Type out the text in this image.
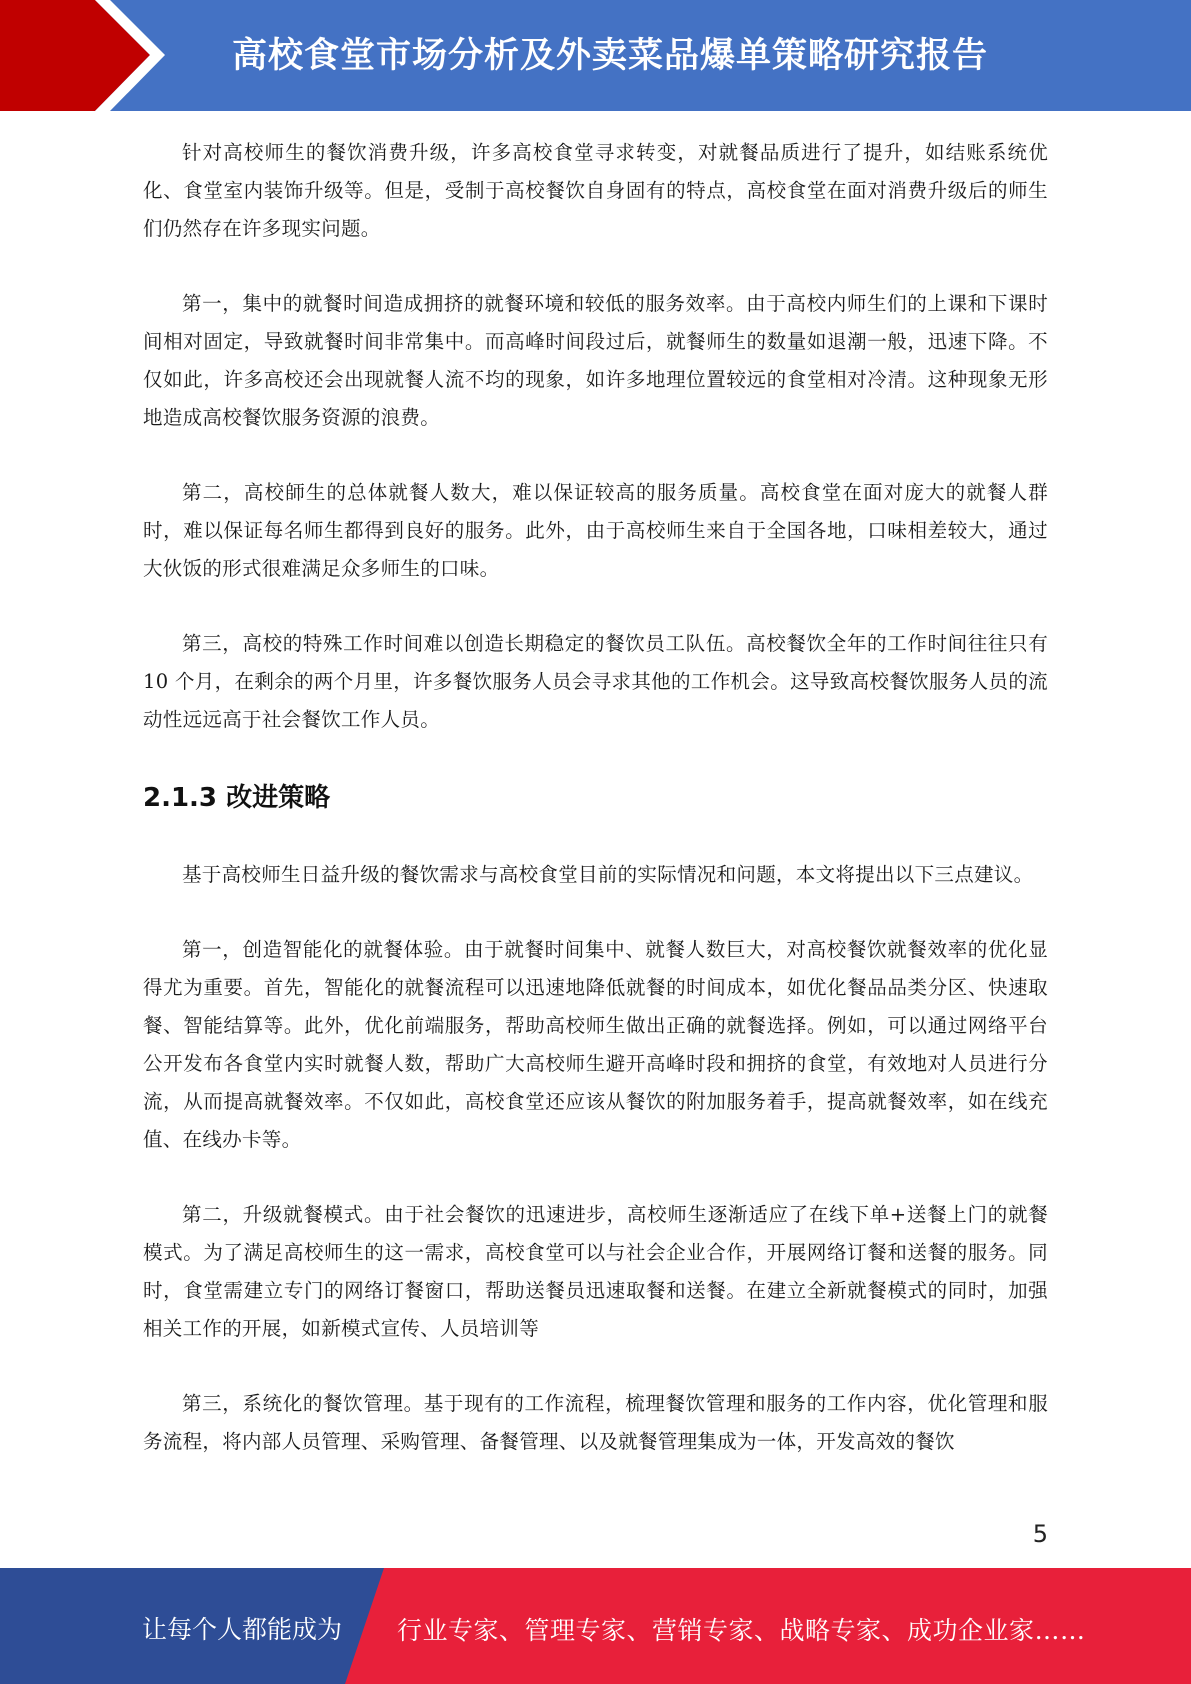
高校食堂市场分析及外卖菜品爆单策略研究报告

针对高校师生的餐饮消费升级，许多高校食堂寻求转变，对就餐品质进行了提升，如结账系统优化、食堂室内装饰升级等。但是，受制于高校餐饮自身固有的特点，高校食堂在面对消费升级后的师生们仍然存在许多现实问题。

第一，集中的就餐时间造成拥挤的就餐环境和较低的服务效率。由于高校内师生们的上课和下课时间相对固定，导致就餐时间非常集中。而高峰时间段过后，就餐师生的数量如退潮一般，迅速下降。不仅如此，许多高校还会出现就餐人流不均的现象，如许多地理位置较远的食堂相对冷清。这种现象无形地造成高校餐饮服务资源的浪费。

第二，高校師生的总体就餐人数大，难以保证较高的服务质量。高校食堂在面对庞大的就餐人群时，难以保证每名师生都得到良好的服务。此外，由于高校师生来自于全国各地，口味相差较大，通过大伙饭的形式很难满足众多师生的口味。

第三，高校的特殊工作时间难以创造长期稳定的餐饮员工队伍。高校餐饮全年的工作时间往往只有 10 个月，在剩余的两个月里，许多餐饮服务人员会寻求其他的工作机会。这导致高校餐饮服务人员的流动性远远高于社会餐饮工作人员。

2.1.3 改进策略

基于高校师生日益升级的餐饮需求与高校食堂目前的实际情况和问题，本文将提出以下三点建议。

第一，创造智能化的就餐体验。由于就餐时间集中、就餐人数巨大，对高校餐饮就餐效率的优化显得尤为重要。首先，智能化的就餐流程可以迅速地降低就餐的时间成本，如优化餐品品类分区、快速取餐、智能结算等。此外，优化前端服务，帮助高校师生做出正确的就餐选择。例如，可以通过网络平台公开发布各食堂内实时就餐人数，帮助广大高校师生避开高峰时段和拥挤的食堂，有效地对人员进行分流，从而提高就餐效率。不仅如此，高校食堂还应该从餐饮的附加服务着手，提高就餐效率，如在线充值、在线办卡等。

第二，升级就餐模式。由于社会餐饮的迅速进步，高校师生逐渐适应了在线下单+送餐上门的就餐模式。为了满足高校师生的这一需求，高校食堂可以与社会企业合作，开展网络订餐和送餐的服务。同时，食堂需建立专门的网络订餐窗口，帮助送餐员迅速取餐和送餐。在建立全新就餐模式的同时，加强相关工作的开展，如新模式宣传、人员培训等

第三，系统化的餐饮管理。基于现有的工作流程，梳理餐饮管理和服务的工作内容，优化管理和服务流程，将内部人员管理、采购管理、备餐管理、以及就餐管理集成为一体，开发高效的餐饮

5
让每个人都能成为 行业专家、管理专家、营销专家、战略专家、成功企业家……
